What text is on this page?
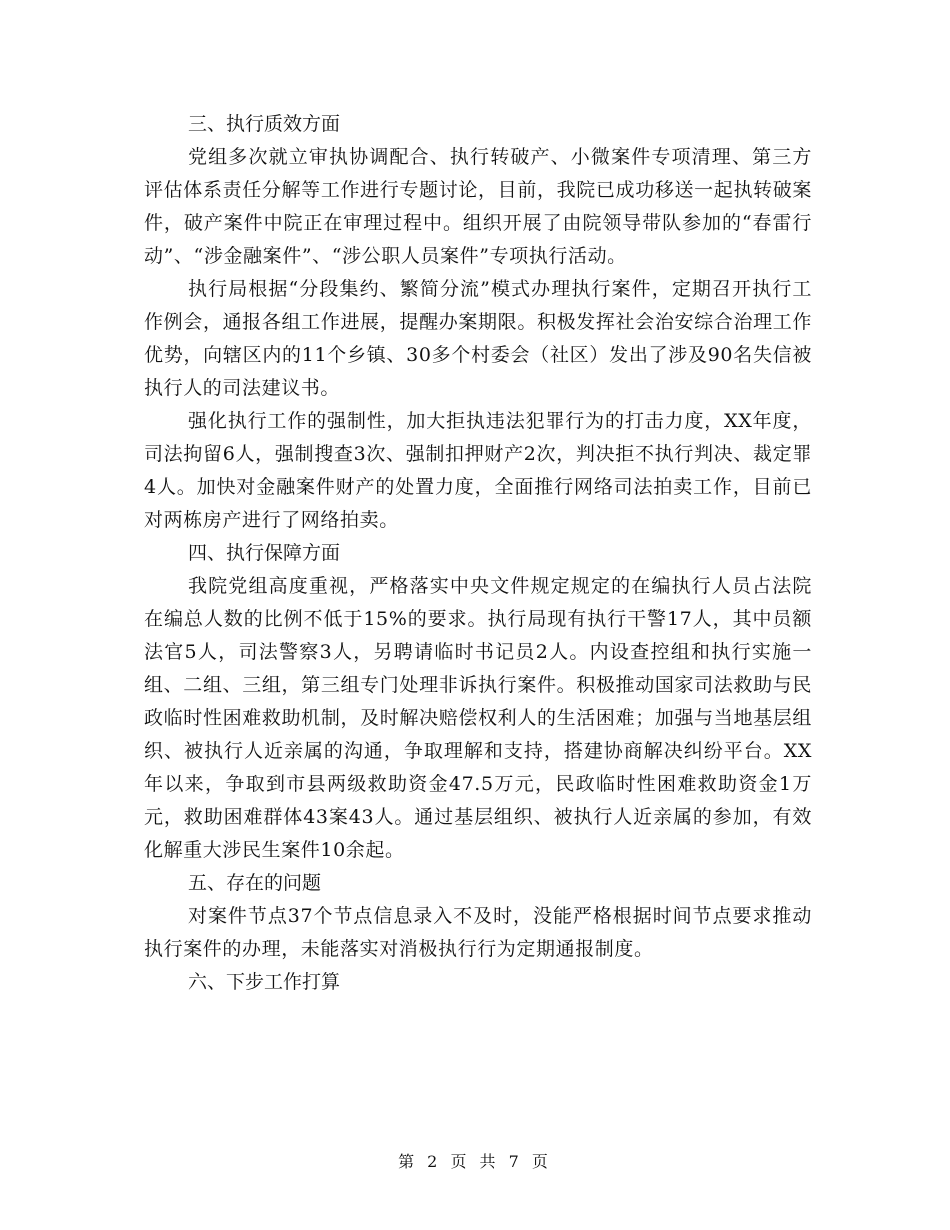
三、执行质效方面

党组多次就立审执协调配合、执行转破产、小微案件专项清理、第三方评估体系责任分解等工作进行专题讨论，目前，我院已成功移送一起执转破案件，破产案件中院正在审理过程中。组织开展了由院领导带队参加的“春雷行动”、“涉金融案件”、“涉公职人员案件”专项执行活动。

执行局根据“分段集约、繁简分流”模式办理执行案件，定期召开执行工作例会，通报各组工作进展，提醒办案期限。积极发挥社会治安综合治理工作优势，向辖区内的11个乡镇、30多个村委会（社区）发出了涉及90名失信被执行人的司法建议书。

强化执行工作的强制性，加大拒执违法犯罪行为的打击力度，XX年度，司法拘留6人，强制搜查3次、强制扣押财产2次，判决拒不执行判决、裁定罪4人。加快对金融案件财产的处置力度，全面推行网络司法拍卖工作，目前已对两栋房产进行了网络拍卖。

四、执行保障方面

我院党组高度重视，严格落实中央文件规定规定的在编执行人员占法院在编总人数的比例不低于15%的要求。执行局现有执行干警17人，其中员额法官5人，司法警察3人，另聘请临时书记员2人。内设查控组和执行实施一组、二组、三组，第三组专门处理非诉执行案件。积极推动国家司法救助与民政临时性困难救助机制，及时解决赔偿权利人的生活困难；加强与当地基层组织、被执行人近亲属的沟通，争取理解和支持，搭建协商解决纠纷平台。XX年以来，争取到市县两级救助资金47.5万元，民政临时性困难救助资金1万元，救助困难群体43案43人。通过基层组织、被执行人近亲属的参加，有效化解重大涉民生案件10余起。

五、存在的问题

对案件节点37个节点信息录入不及时，没能严格根据时间节点要求推动执行案件的办理，未能落实对消极执行行为定期通报制度。

六、下步工作打算

第 2 页 共 7 页
